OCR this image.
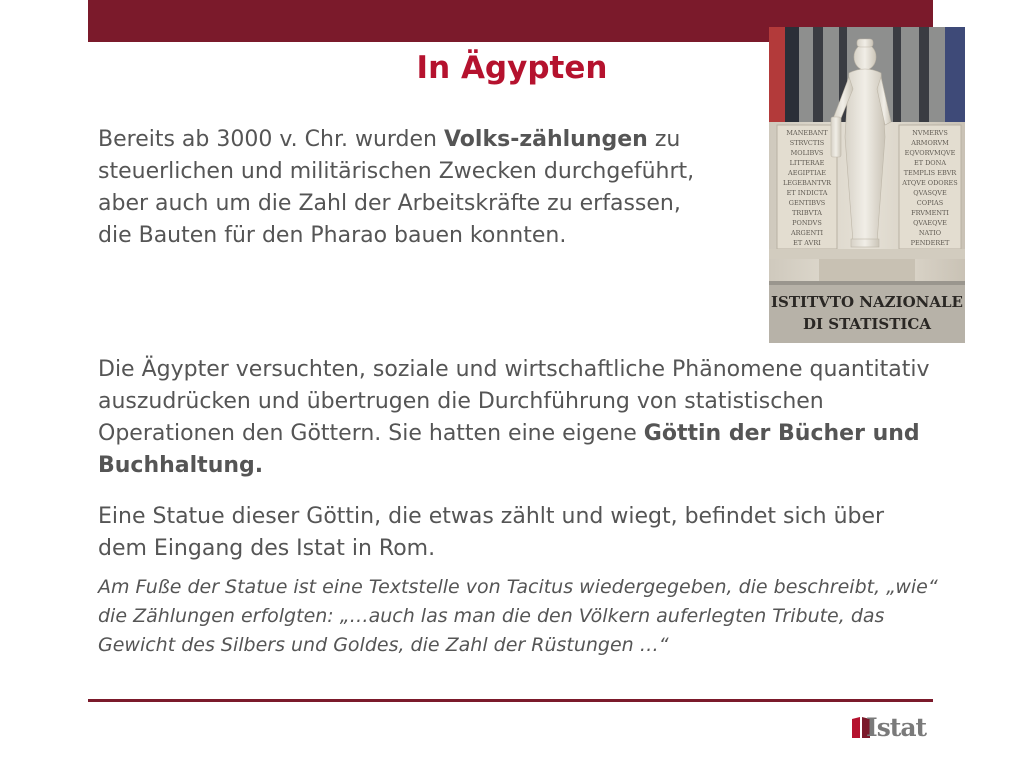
In Ägypten
Bereits ab 3000 v. Chr. wurden Volks-zählungen zu steuerlichen und militärischen Zwecken durchgeführt, aber auch um die Zahl der Arbeitskräfte zu erfassen, die Bauten für den Pharao bauen konnten.
MANEBANT
STRVCTIS
MOLIBVS
LITTERAE
AEGIPTIAE
LEGEBANTVR
ET INDICTA
GENTIBVS
TRIBVTA
PONDVS
ARGENTI
ET AVRI
NVMERVS
ARMORVM
EQVORVMQVE
ET DONA
TEMPLIS EBVR
ATQVE ODORES
QVASQVE
COPIAS
FRVMENTI
QVAEQVE
NATIO
PENDERET
ISTITVTO NAZIONALE
DI STATISTICA
Die Ägypter versuchten, soziale und wirtschaftliche Phänomene quantitativ auszudrücken und übertrugen die Durchführung von statistischen Operationen den Göttern. Sie hatten eine eigene Göttin der Bücher und Buchhaltung.
Eine Statue dieser Göttin, die etwas zählt und wiegt, befindet sich über dem Eingang des Istat in Rom.
Am Fuße der Statue ist eine Textstelle von Tacitus wiedergegeben, die beschreibt, „wie“ die Zählungen erfolgten: „…auch las man die den Völkern auferlegten Tribute, das Gewicht des Silbers und Goldes, die Zahl der Rüstungen …“
Istat
